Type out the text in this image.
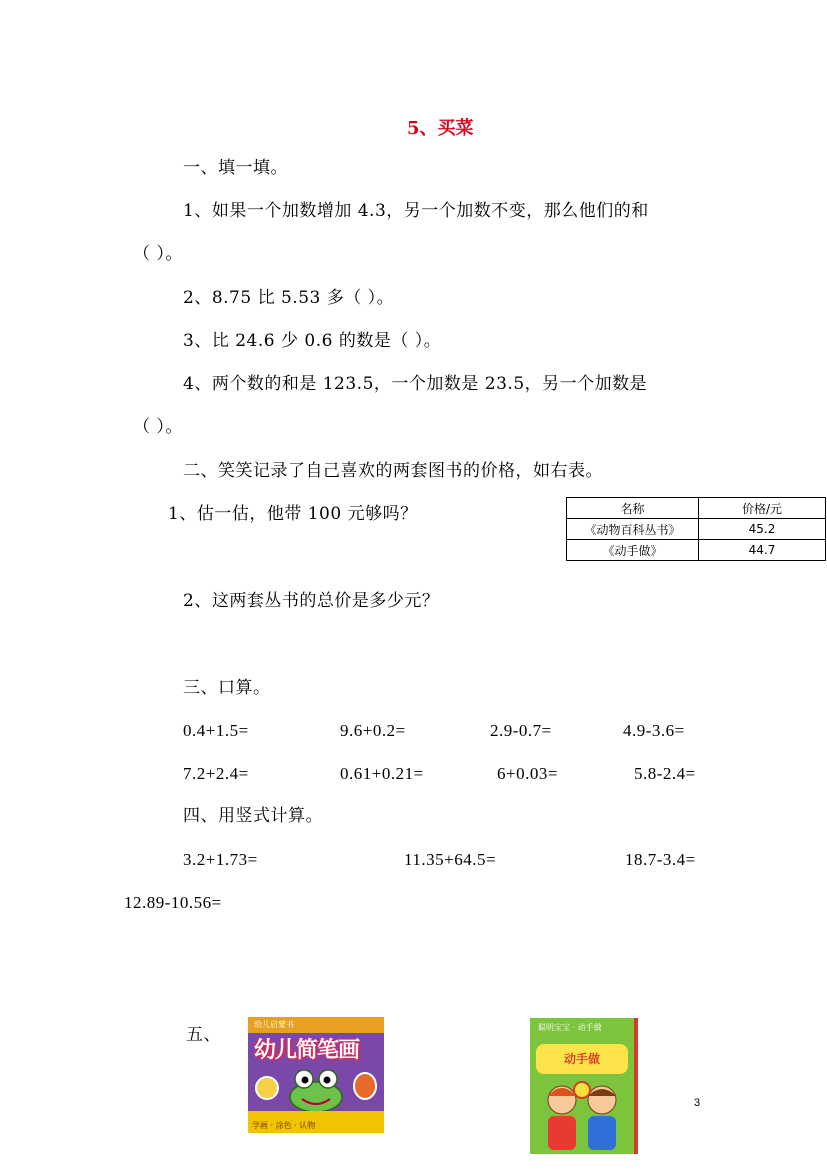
5、买菜
一、填一填。
1、如果一个加数增加 4.3，另一个加数不变，那么他们的和
（ ）。
2、8.75 比 5.53 多（ ）。
3、比 24.6 少 0.6 的数是（ ）。
4、两个数的和是 123.5，一个加数是 23.5，另一个加数是
（ ）。
二、笑笑记录了自己喜欢的两套图书的价格，如右表。
1、估一估，他带 100 元够吗？	名称	价格/元
《动物百科丛书》	45.2
《动手做》	44.7
2、这两套丛书的总价是多少元？
三、口算。
0.4+1.5=	9.6+0.2=	2.9-0.7=	4.9-3.6=
7.2+2.4=	0.61+0.21=	6+0.03=	5.8-2.4=
四、用竖式计算。
3.2+1.73=	11.35+64.5=	18.7-3.4=
12.89-10.56=
五、
幼儿启蒙书
幼儿简笔画
学画 · 涂色 · 认物
聪明宝宝 · 动手做
动手做
3
